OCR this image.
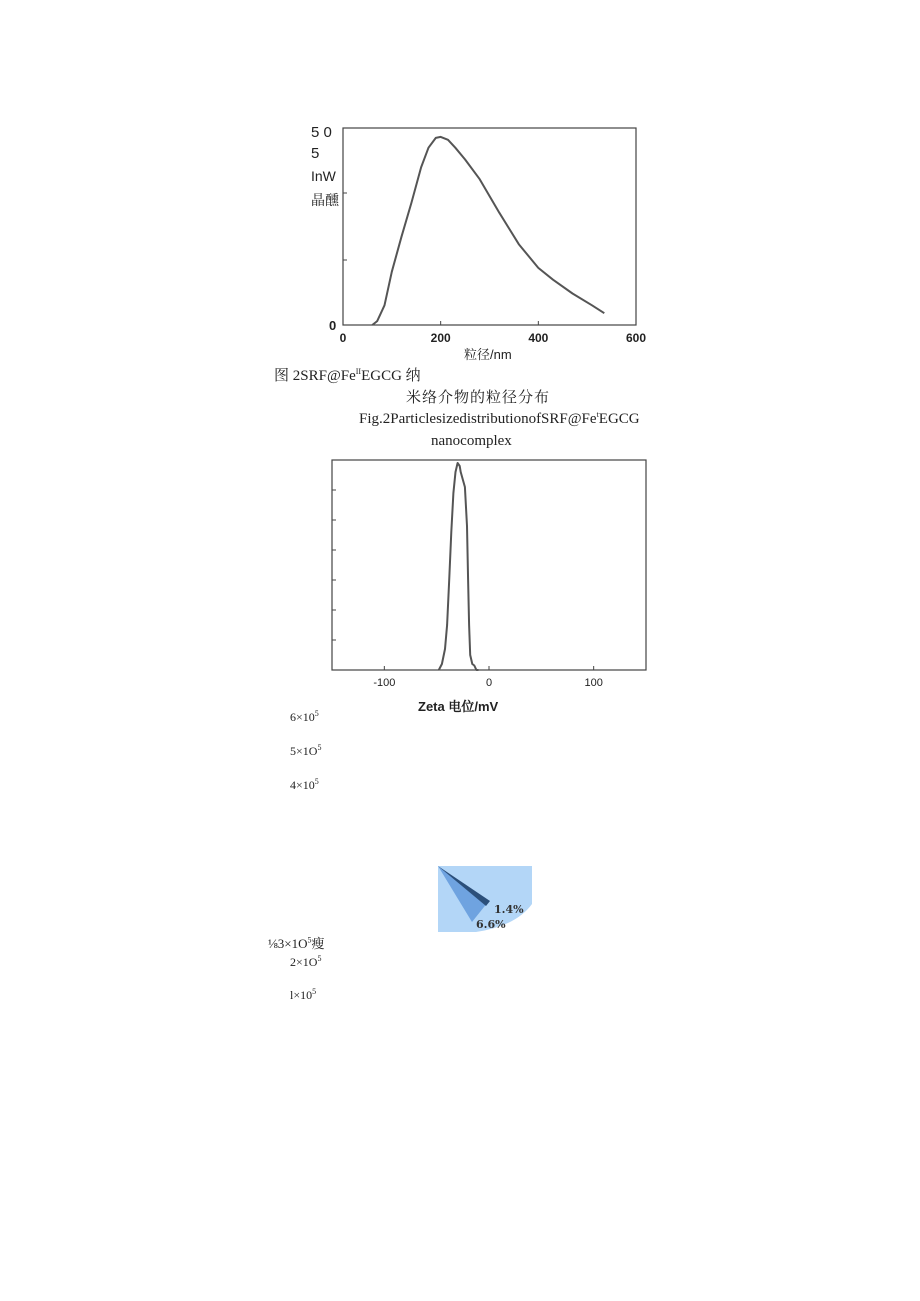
5 0
5
InW
晶醺
0
0	200	400	600
粒径/nm
图 $2SRF@Fe^{II}EGCG$ 纳
米络介物的粒径分布
Fig.2ParticlesizedistributionofSRF@Fe$^t$EGCG
nanocomplex
-100	0	100
Zeta 电位/mV
$6\times 10^5$
$5\times 1O^5$
$4\times 10^5$
$\frac{1}{8}3\times 1O^5$瘦
$2\times 1O^5$
$l\times 10^5$
1.4%
6.6%
